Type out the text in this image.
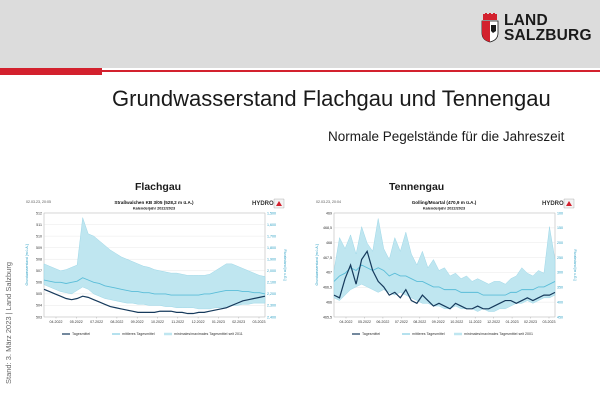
LAND
SALZBURG
Grundwasserstand Flachgau und Tennengau
Normale Pegelstände für die Jahreszeit
Stand: 3. März 2023 | Land Salzburg
Flachgau	Tennengau
02.03.23, 20:05	Straßwalchen KB 3/05 (528,2 m ü.A.)
Kalenderjahr 2022/2023
HYDRO
503
504
505
506
507
508
509
510
511
512
2,400
2,300
2,200
2,100
2,000
1,900
1,800
1,700
1,600
1,500
Grundwasserstand [m ü.A.]	Flurabstand [m u.G.]
04.2022 05.2022 07.2022 08.2022 09.2022 10.2022 11.2022 12.2022 01.2023 02.2023 03.2023
Tagesmittel	mittleres Tagesmittel	minimales/maximales Tagesmittel seit 2011
02.03.23, 20:04	Golling/Moartal (470,9 m ü.A.)
Kalenderjahr 2022/2023
HYDRO
465,5
466
466,5
467
467,5
468
468,5
469
450
400
350
300
250
200
150
100
Grundwasserstand [m ü.A.]	Flurabstand [m u.G.]
04.2022 05.2022 06.2022 07.2022 08.2022 09.2022 10.2022 11.2022 12.2022 01.2023 02.2023 03.2023
Tagesmittel	mittleres Tagesmittel	minimales/maximales Tagesmittel seit 2001
